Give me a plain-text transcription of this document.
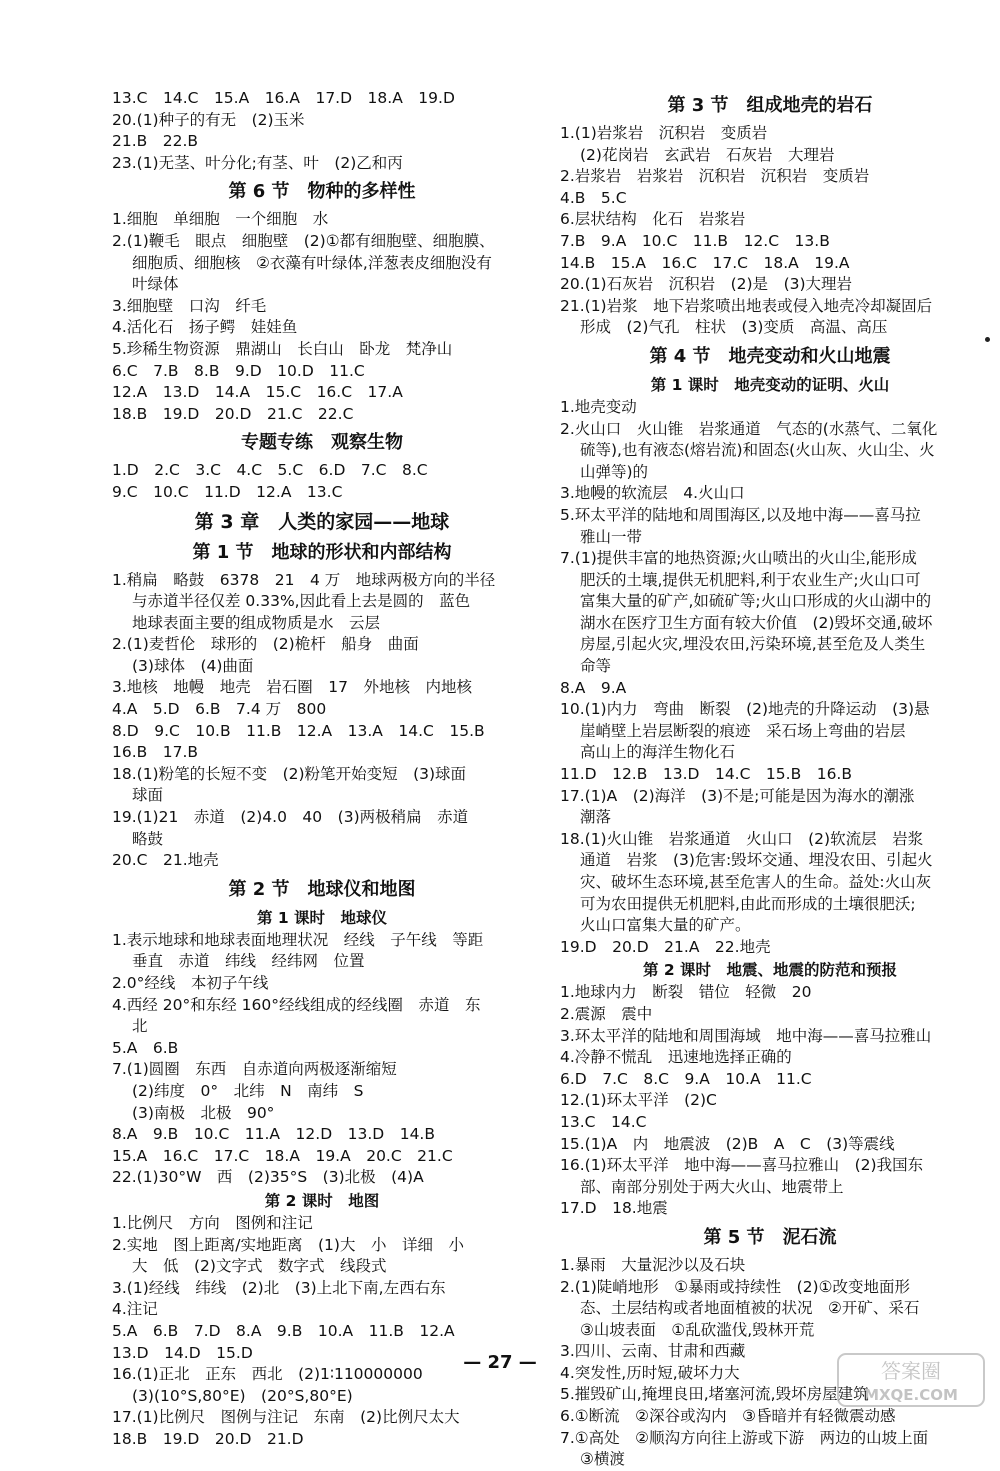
13.C　14.C　15.A　16.A　17.D　18.A　19.D
20.(1)种子的有无　(2)玉米
21.B　22.B
23.(1)无茎、叶分化;有茎、叶　(2)乙和丙
第 6 节　物种的多样性
1.细胞　单细胞　一个细胞　水
2.(1)鞭毛　眼点　细胞壁　(2)①都有细胞壁、细胞膜、
细胞质、细胞核　②衣藻有叶绿体,洋葱表皮细胞没有
叶绿体
3.细胞壁　口沟　纤毛
4.活化石　扬子鳄　娃娃鱼
5.珍稀生物资源　鼎湖山　长白山　卧龙　梵净山
6.C　7.B　8.B　9.D　10.D　11.C
12.A　13.D　14.A　15.C　16.C　17.A
18.B　19.D　20.D　21.C　22.C
专题专练　观察生物
1.D　2.C　3.C　4.C　5.C　6.D　7.C　8.C
9.C　10.C　11.D　12.A　13.C
第 3 章　人类的家园——地球
第 1 节　地球的形状和内部结构
1.稍扁　略鼓　6378　21　4 万　地球两极方向的半径
与赤道半径仅差 0.33%,因此看上去是圆的　蓝色
地球表面主要的组成物质是水　云层
2.(1)麦哲伦　球形的　(2)桅杆　船身　曲面
(3)球体　(4)曲面
3.地核　地幔　地壳　岩石圈　17　外地核　内地核
4.A　5.D　6.B　7.4 万　800
8.D　9.C　10.B　11.B　12.A　13.A　14.C　15.B
16.B　17.B
18.(1)粉笔的长短不变　(2)粉笔开始变短　(3)球面
球面
19.(1)21　赤道　(2)4.0　40　(3)两极稍扁　赤道
略鼓
20.C　21.地壳
第 2 节　地球仪和地图
第 1 课时　地球仪
1.表示地球和地球表面地理状况　经线　子午线　等距
垂直　赤道　纬线　经纬网　位置
2.0°经线　本初子午线
4.西经 20°和东经 160°经线组成的经线圈　赤道　东
北
5.A　6.B
7.(1)圆圈　东西　自赤道向两极逐渐缩短
(2)纬度　0°　北纬　N　南纬　S
(3)南极　北极　90°
8.A　9.B　10.C　11.A　12.D　13.D　14.B
15.A　16.C　17.C　18.A　19.A　20.C　21.C
22.(1)30°W　西　(2)35°S　(3)北极　(4)A
第 2 课时　地图
1.比例尺　方向　图例和注记
2.实地　图上距离/实地距离　(1)大　小　详细　小
大　低　(2)文字式　数字式　线段式
3.(1)经线　纬线　(2)北　(3)上北下南,左西右东
4.注记
5.A　6.B　7.D　8.A　9.B　10.A　11.B　12.A
13.D　14.D　15.D
16.(1)正北　正东　西北　(2)1∶110000000
(3)(10°S,80°E)　(20°S,80°E)
17.(1)比例尺　图例与注记　东南　(2)比例尺太大
18.B　19.D　20.D　21.D
第 3 节　组成地壳的岩石
1.(1)岩浆岩　沉积岩　变质岩
(2)花岗岩　玄武岩　石灰岩　大理岩
2.岩浆岩　岩浆岩　沉积岩　沉积岩　变质岩
4.B　5.C
6.层状结构　化石　岩浆岩
7.B　9.A　10.C　11.B　12.C　13.B
14.B　15.A　16.C　17.C　18.A　19.A
20.(1)石灰岩　沉积岩　(2)是　(3)大理岩
21.(1)岩浆　地下岩浆喷出地表或侵入地壳冷却凝固后
形成　(2)气孔　柱状　(3)变质　高温、高压
第 4 节　地壳变动和火山地震
第 1 课时　地壳变动的证明、火山
1.地壳变动
2.火山口　火山锥　岩浆通道　气态的(水蒸气、二氧化
硫等),也有液态(熔岩流)和固态(火山灰、火山尘、火
山弹等)的
3.地幔的软流层　4.火山口
5.环太平洋的陆地和周围海区,以及地中海——喜马拉
雅山一带
7.(1)提供丰富的地热资源;火山喷出的火山尘,能形成
肥沃的土壤,提供无机肥料,利于农业生产;火山口可
富集大量的矿产,如硫矿等;火山口形成的火山湖中的
湖水在医疗卫生方面有较大价值　(2)毁坏交通,破坏
房屋,引起火灾,埋没农田,污染环境,甚至危及人类生
命等
8.A　9.A
10.(1)内力　弯曲　断裂　(2)地壳的升降运动　(3)悬
崖峭壁上岩层断裂的痕迹　采石场上弯曲的岩层
高山上的海洋生物化石
11.D　12.B　13.D　14.C　15.B　16.B
17.(1)A　(2)海洋　(3)不是;可能是因为海水的潮涨
潮落
18.(1)火山锥　岩浆通道　火山口　(2)软流层　岩浆
通道　岩浆　(3)危害:毁坏交通、埋没农田、引起火
灾、破坏生态环境,甚至危害人的生命。益处:火山灰
可为农田提供无机肥料,由此而形成的土壤很肥沃;
火山口富集大量的矿产。
19.D　20.D　21.A　22.地壳
第 2 课时　地震、地震的防范和预报
1.地球内力　断裂　错位　轻微　20
2.震源　震中
3.环太平洋的陆地和周围海域　地中海——喜马拉雅山
4.冷静不慌乱　迅速地选择正确的
6.D　7.C　8.C　9.A　10.A　11.C
12.(1)环太平洋　(2)C
13.C　14.C
15.(1)A　内　地震波　(2)B　A　C　(3)等震线
16.(1)环太平洋　地中海——喜马拉雅山　(2)我国东
部、南部分别处于两大火山、地震带上
17.D　18.地震
第 5 节　泥石流
1.暴雨　大量泥沙以及石块
2.(1)陡峭地形　①暴雨或持续性　(2)①改变地面形
态、土层结构或者地面植被的状况　②开矿、采石
③山坡表面　①乱砍滥伐,毁林开荒
3.四川、云南、甘肃和西藏
4.突发性,历时短,破坏力大
5.摧毁矿山,掩埋良田,堵塞河流,毁坏房屋建筑
6.①断流　②深谷或沟内　③昏暗并有轻微震动感
7.①高处　②顺沟方向往上游或下游　两边的山坡上面
③横渡
— 27 —	答案圈
MXQE.COM
